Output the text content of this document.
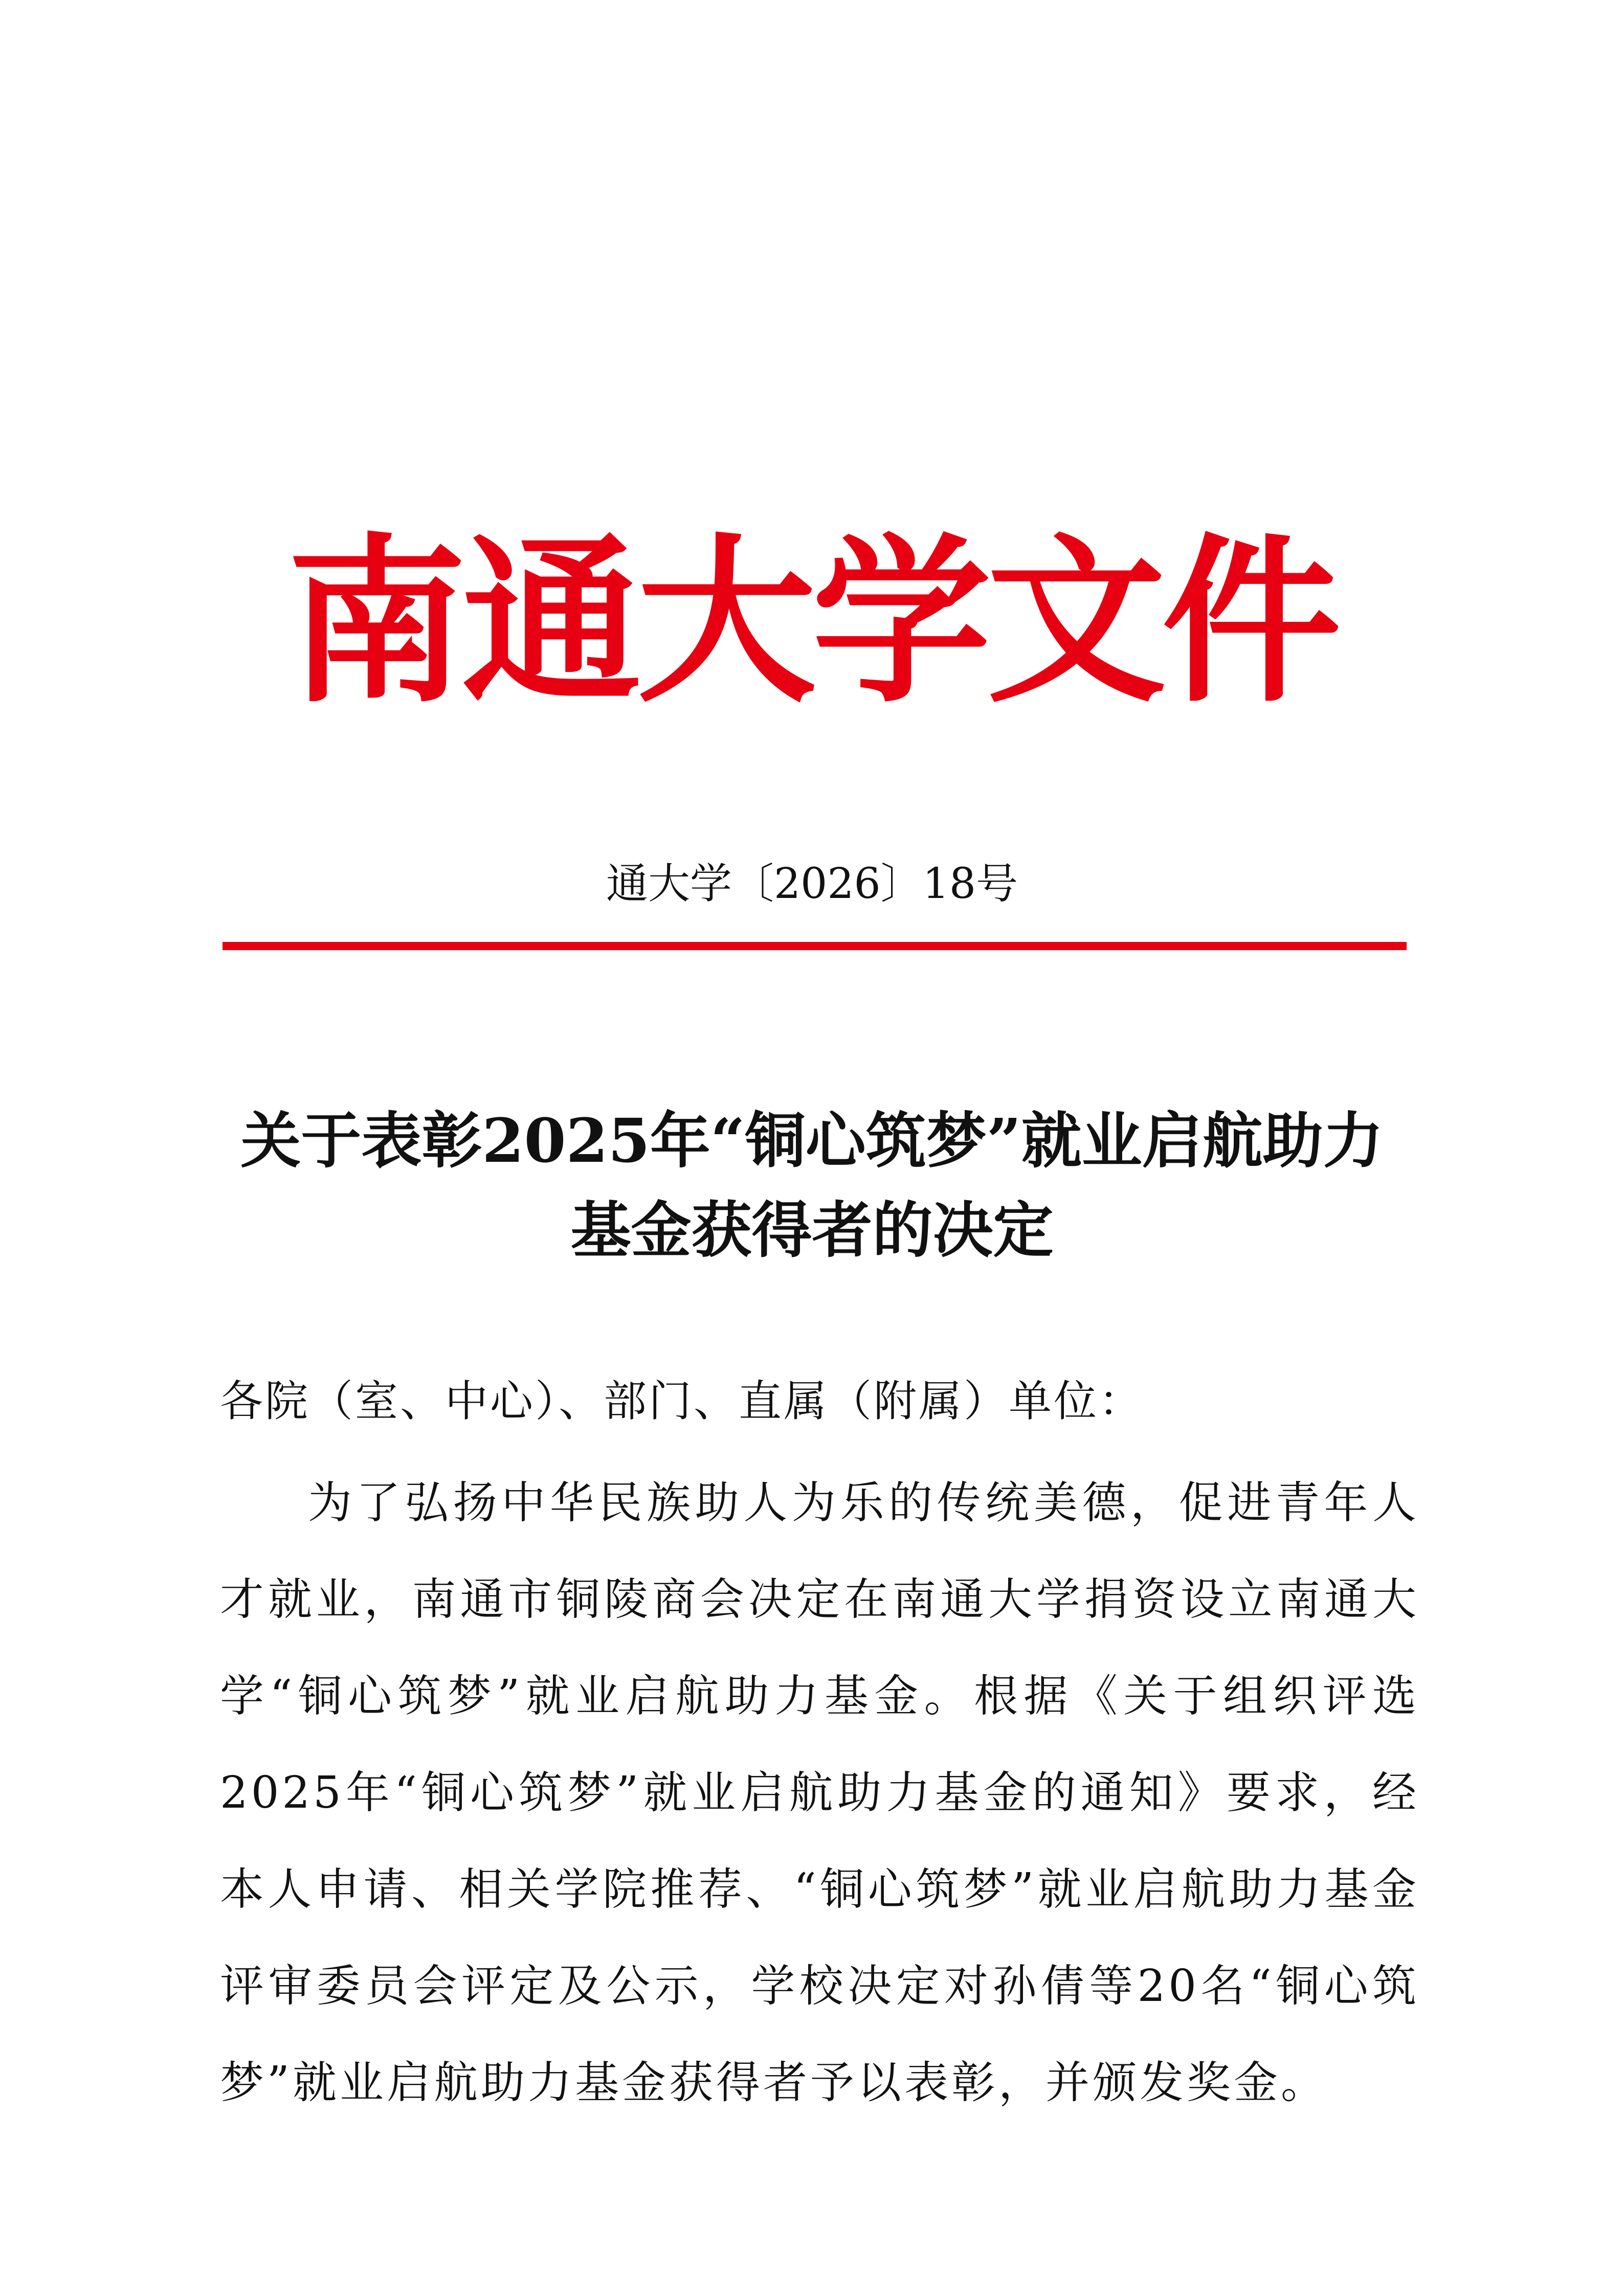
南通大学文件
通大学〔2026〕18号
关于表彰2025年“铜心筑梦”就业启航助力
基金获得者的决定
各院（室、中心）、部门、直属（附属）单位：

为了弘扬中华民族助人为乐的传统美德，促进青年人才就业，南通市铜陵商会决定在南通大学捐资设立南通大学“铜心筑梦”就业启航助力基金。根据《关于组织评选2025年“铜心筑梦”就业启航助力基金的通知》要求，经本人申请、相关学院推荐、“铜心筑梦”就业启航助力基金评审委员会评定及公示，学校决定对孙倩等20名“铜心筑梦”就业启航助力基金获得者予以表彰，并颁发奖金。
